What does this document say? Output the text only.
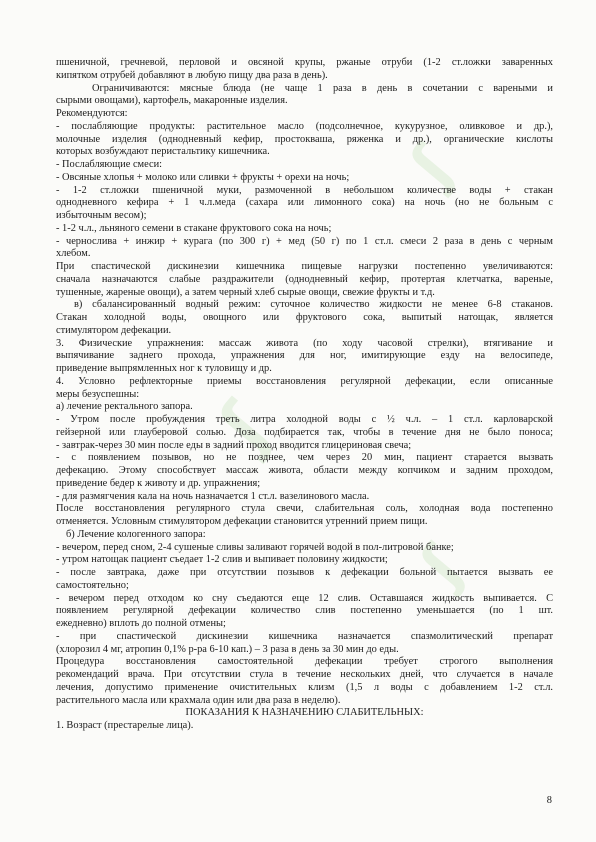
ʃ
ʃ
ʃ
пшеничной, гречневой, перловой и овсяной крупы, ржаные отруби (1-2 ст.ложки заваренных
кипятком отрубей добавляют в любую пищу два раза в день).
Ограничиваются: мясные блюда (не чаще 1 раза в день в сочетании с вареными и
сырыми овощами), картофель, макаронные изделия.
Рекомендуются:
- послабляющие продукты: растительное масло (подсолнечное, кукурузное, оливковое и др.),
молочные изделия (однодневный кефир, простокваша, ряженка и др.), органические кислоты
которых возбуждают перистальтику кишечника.
- Послабляющие смеси:
- Овсяные хлопья + молоко или сливки + фрукты + орехи на ночь;
- 1-2 ст.ложки пшеничной муки, размоченной в небольшом количестве воды + стакан
однодневного кефира + 1 ч.л.меда (сахара или лимонного сока) на ночь (но не больным с
избыточным весом);
- 1-2 ч.л., льняного семени в стакане фруктового сока на ночь;
- черносливa + инжир + курага (по 300 г) + мед (50 г) по 1 ст.л. смеси 2 раза в день с черным
хлебом.
При спастической дискинезии кишечника пищевые нагрузки постепенно увеличиваются:
сначала назначаются слабые раздражители (однодневный кефир, протертая клетчатка, вареные,
тушенные, жареные овощи), а затем черный хлеб сырые овощи, свежие фрукты и т.д.
в) сбалансированный водный режим: суточное количество жидкости не менее 6-8 стаканов.
Стакан холодной воды, овощного или фруктового сока, выпитый натощак, является
стимулятором дефекации.
3. Физические упражнения: массаж живота (по ходу часовой стрелки), втягивание и
выпячивание заднего прохода, упражнения для ног, имитирующие езду на велосипеде,
приведение выпрямленных ног к туловищу и др.
4. Условно рефлекторные приемы восстановления регулярной дефекации, если описанные
меры безуспешны:
а) лечение ректального запора.
- Утром после пробуждения треть литра холодной воды с ½ ч.л. – 1 ст.л. карловарской
гейзерной или глауберовой солью. Доза подбирается так, чтобы в течение дня не было поноса;
- завтрак-через 30 мин после еды в задний проход вводится глицериновая свеча;
- с появлением позывов, но не позднее, чем через 20 мин, пациент старается вызвать
дефекацию. Этому способствует массаж живота, области между копчиком и задним проходом,
приведение бедер к животу и др. упражнения;
- для размягчения кала на ночь назначается 1 ст.л. вазелинового масла.
После восстановления регулярного стула свечи, слабительная соль, холодная вода постепенно
отменяется. Условным стимулятором дефекации становится утренний прием пищи.
б) Лечение кологенного запора:
- вечером, перед сном, 2-4 сушеные сливы заливают горячей водой в пол-литровой банке;
- утром натощак пациент съедает 1-2 слив и выпивает половину жидкости;
- после завтрака, даже при отсутствии позывов к дефекации больной пытается вызвать ее
самостоятельно;
- вечером перед отходом ко сну съедаются еще 12 слив. Оставшаяся жидкость выпивается. С
появлением регулярной дефекации количество слив постепенно уменьшается (по 1 шт.
ежедневно) вплоть до полной отмены;
- при спастической дискинезии кишечника назначается спазмолитический препарат
(хлорозил 4 мг, атропин 0,1% р-ра 6-10 кап.) – 3 раза в день за 30 мин до еды.
Процедура восстановления самостоятельной дефекации требует строгого выполнения
рекомендаций врача. При отсутствии стула в течение нескольких дней, что случается в начале
лечения, допустимо применение очистительных клизм (1,5 л воды с добавлением 1-2 ст.л.
растительного масла или крахмала один или два раза в неделю).
ПОКАЗАНИЯ К НАЗНАЧЕНИЮ СЛАБИТЕЛЬНЫХ:
1. Возраст (престарелые лица).
8
